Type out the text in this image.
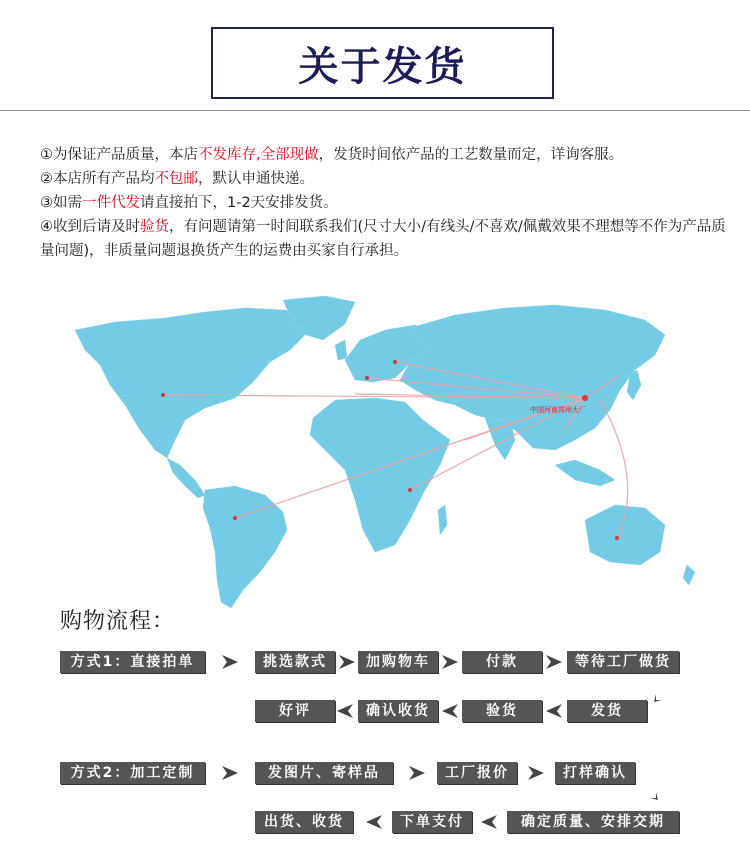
关于发货

①为保证产品质量，本店不发库存,全部现做，发货时间依产品的工艺数量而定，详询客服。

②本店所有产品均不包邮，默认申通快递。

③如需一件代发请直接拍下，1-2天安排发货。

④收到后请及时验货，有问题请第一时间联系我们(尺寸大小/有线头/不喜欢/佩戴效果不理想等不作为产品质量问题)，非质量问题退换货产生的运费由买家自行承担。

中国河南郑州大厂
购物流程：
方式1：直接拍单	挑选款式	加购物车	付款	等待工厂做货
发货
验货
确认收货
好评
方式2：加工定制	发图片、寄样品	工厂报价	打样确认
确定质量、安排交期
下单支付
出货、收货
